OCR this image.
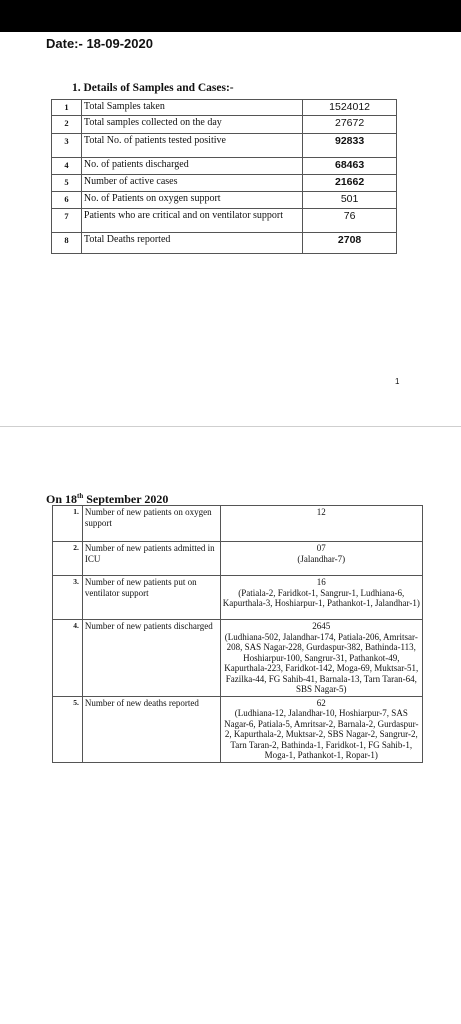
Date:- 18-09-2020
1. Details of Samples and Cases:-
1	Total Samples taken	1524012
2	Total samples collected on the day	27672
3	Total No. of patients tested positive	92833
4	No. of patients discharged	68463
5	Number of active cases	21662
6	No. of Patients on oxygen support	501
7	Patients who are critical and on ventilator support	76
8	Total Deaths reported	2708
1
On 18th September 2020
1.	Number of new patients on oxygen support	12

2.	Number of new patients admitted in ICU	07
(Jalandhar-7)

3.	Number of new patients put on ventilator support	16
(Patiala-2, Faridkot-1, Sangrur-1, Ludhiana-6, Kapurthala-3, Hoshiarpur-1, Pathankot-1, Jalandhar-1)

4.	Number of new patients discharged	2645
(Ludhiana-502, Jalandhar-174, Patiala-206, Amritsar-208, SAS Nagar-228, Gurdaspur-382, Bathinda-113, Hoshiarpur-100, Sangrur-31, Pathankot-49, Kapurthala-223, Faridkot-142, Moga-69, Muktsar-51, Fazilka-44, FG Sahib-41, Barnala-13, Tarn Taran-64, SBS Nagar-5)

5.	Number of new deaths reported	62
(Ludhiana-12, Jalandhar-10, Hoshiarpur-7, SAS Nagar-6, Patiala-5, Amritsar-2, Barnala-2, Gurdaspur-2, Kapurthala-2, Muktsar-2, SBS Nagar-2, Sangrur-2, Tarn Taran-2, Bathinda-1, Faridkot-1, FG Sahib-1, Moga-1, Pathankot-1, Ropar-1)
